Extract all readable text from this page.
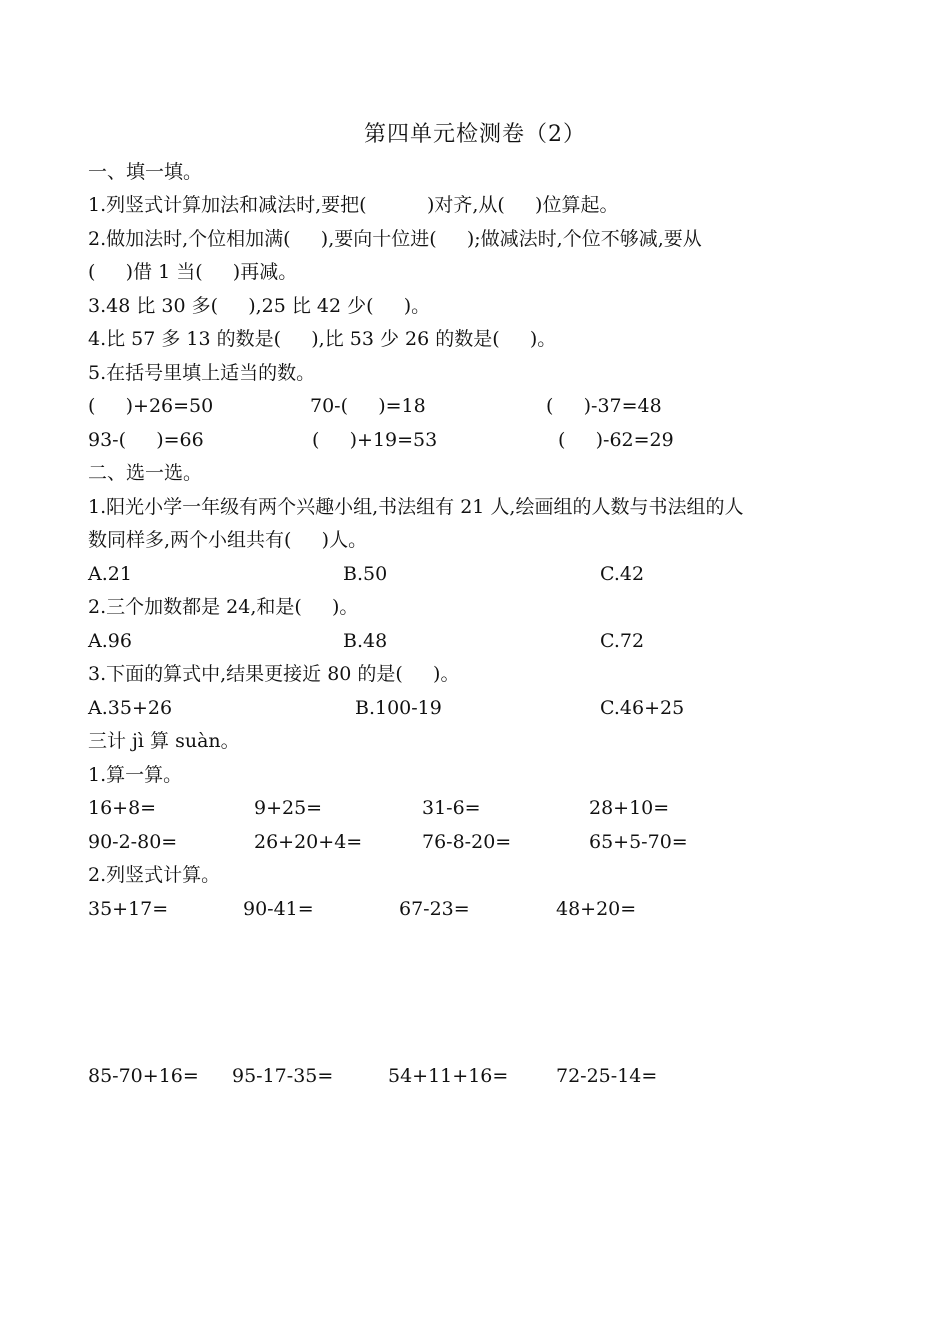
第四单元检测卷（2）
一、填一填。
1.列竖式计算加法和减法时,要把(          )对齐,从(     )位算起。
2.做加法时,个位相加满(     ),要向十位进(     );做减法时,个位不够减,要从
(     )借 1 当(     )再减。
3.48 比 30 多(     ),25 比 42 少(     )。
4.比 57 多 13 的数是(     ),比 53 少 26 的数是(     )。
5.在括号里填上适当的数。
(     )+26=50	70-(     )=18	(     )-37=48
93-(     )=66	(     )+19=53	(     )-62=29
二、选一选。
1.阳光小学一年级有两个兴趣小组,书法组有 21 人,绘画组的人数与书法组的人
数同样多,两个小组共有(     )人。
A.21	B.50	C.42
2.三个加数都是 24,和是(     )。
A.96	B.48	C.72
3.下面的算式中,结果更接近 80 的是(     )。
A.35+26	B.100-19	C.46+25
三计 jì 算 suàn。
1.算一算。
16+8=	9+25=	31-6=	28+10=
90-2-80=	26+20+4=	76-8-20=	65+5-70=
2.列竖式计算。
35+17=	90-41=	67-23=	48+20=
85-70+16= 95-17-35=	54+11+16=	72-25-14=
